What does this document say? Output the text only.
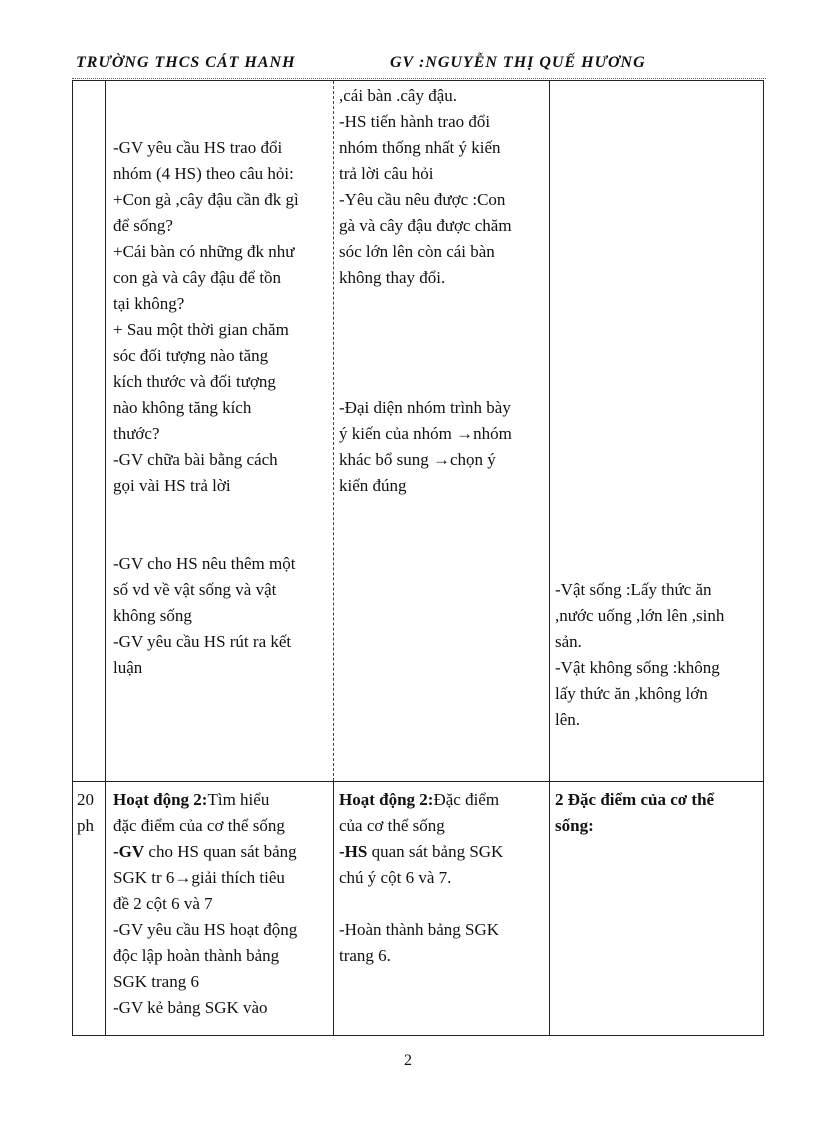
TRƯỜNG THCS CÁT HANH	GV :NGUYỄN THỊ QUẾ HƯƠNG

-GV yêu cầu HS trao đổi

nhóm (4 HS) theo câu hỏi:

+Con gà ,cây đậu cần đk gì

để sống?

+Cái bàn có những đk như

con gà và cây đậu để tồn

tại không?

+ Sau một thời gian chăm

sóc đối tượng nào tăng

kích thước và đối tượng

nào không tăng kích

thước?

-GV chữa bài bằng cách

gọi vài HS trả lời

-GV cho HS nêu thêm một

số vd về vật sống và vật

không sống

-GV yêu cầu HS rút ra kết

luận

,cái bàn .cây đậu.

-HS tiến hành trao đổi

nhóm thống nhất ý kiến

trả lời câu hỏi

-Yêu cầu nêu được :Con

gà và cây đậu được chăm

sóc lớn lên còn cái bàn

không thay đổi.

-Đại diện nhóm trình bày

ý kiến của nhóm →nhóm

khác bổ sung →chọn ý

kiến đúng

-Vật sống :Lấy thức ăn

,nước uống ,lớn lên ,sinh

sản.

-Vật không sống :không

lấy thức ăn ,không lớn

lên.

20

ph

Hoạt động 2:Tìm hiểu

đặc điểm của cơ thể sống

-GV cho HS quan sát bảng

SGK tr 6→giải thích tiêu

đề 2 cột 6 và 7

-GV yêu cầu HS hoạt động

độc lập hoàn thành bảng

SGK trang 6

-GV kẻ bảng SGK vào

Hoạt động 2:Đặc điểm

của cơ thể sống

-HS quan sát bảng SGK

chú ý cột 6 và 7.

-Hoàn thành bảng SGK

trang 6.

2 Đặc điểm của cơ thể

sống:

2
